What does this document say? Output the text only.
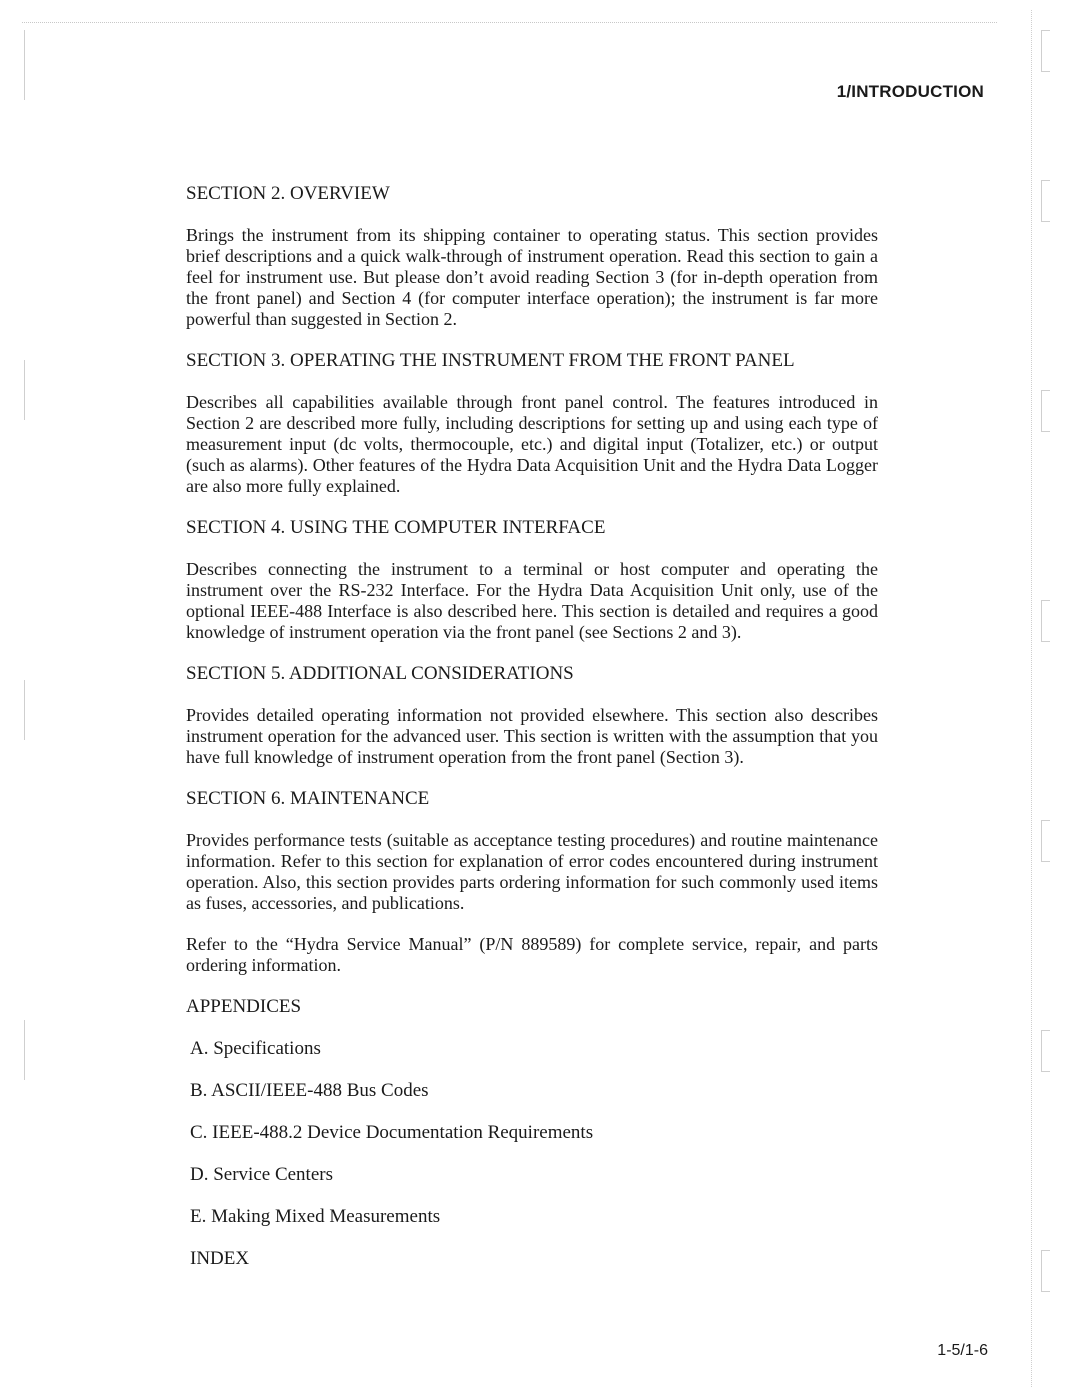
1/INTRODUCTION
SECTION 2. OVERVIEW

Brings the instrument from its shipping container to operating status. This section provides brief descriptions and a quick walk-through of instrument operation. Read this section to gain a feel for instrument use. But please don’t avoid reading Section 3 (for in-depth operation from the front panel) and Section 4 (for computer interface operation); the instrument is far more powerful than suggested in Section 2.

SECTION 3. OPERATING THE INSTRUMENT FROM THE FRONT PANEL

Describes all capabilities available through front panel control. The features introduced in Section 2 are described more fully, including descriptions for setting up and using each type of measurement input (dc volts, thermocouple, etc.) and digital input (Totalizer, etc.) or output (such as alarms). Other features of the Hydra Data Acquisition Unit and the Hydra Data Logger are also more fully explained.

SECTION 4. USING THE COMPUTER INTERFACE

Describes connecting the instrument to a terminal or host computer and operating the instrument over the RS-232 Interface. For the Hydra Data Acquisition Unit only, use of the optional IEEE-488 Interface is also described here. This section is detailed and requires a good knowledge of instrument operation via the front panel (see Sections 2 and 3).

SECTION 5. ADDITIONAL CONSIDERATIONS

Provides detailed operating information not provided elsewhere. This section also describes instrument operation for the advanced user. This section is written with the assumption that you have full knowledge of instrument operation from the front panel (Section 3).

SECTION 6. MAINTENANCE

Provides performance tests (suitable as acceptance testing procedures) and routine maintenance information. Refer to this section for explanation of error codes encountered during instrument operation. Also, this section provides parts ordering information for such commonly used items as fuses, accessories, and publications.

Refer to the “Hydra Service Manual” (P/N 889589) for complete service, repair, and parts ordering information.

APPENDICES
A. Specifications
B. ASCII/IEEE-488 Bus Codes
C. IEEE-488.2 Device Documentation Requirements
D. Service Centers
E. Making Mixed Measurements
INDEX
1-5/1-6
